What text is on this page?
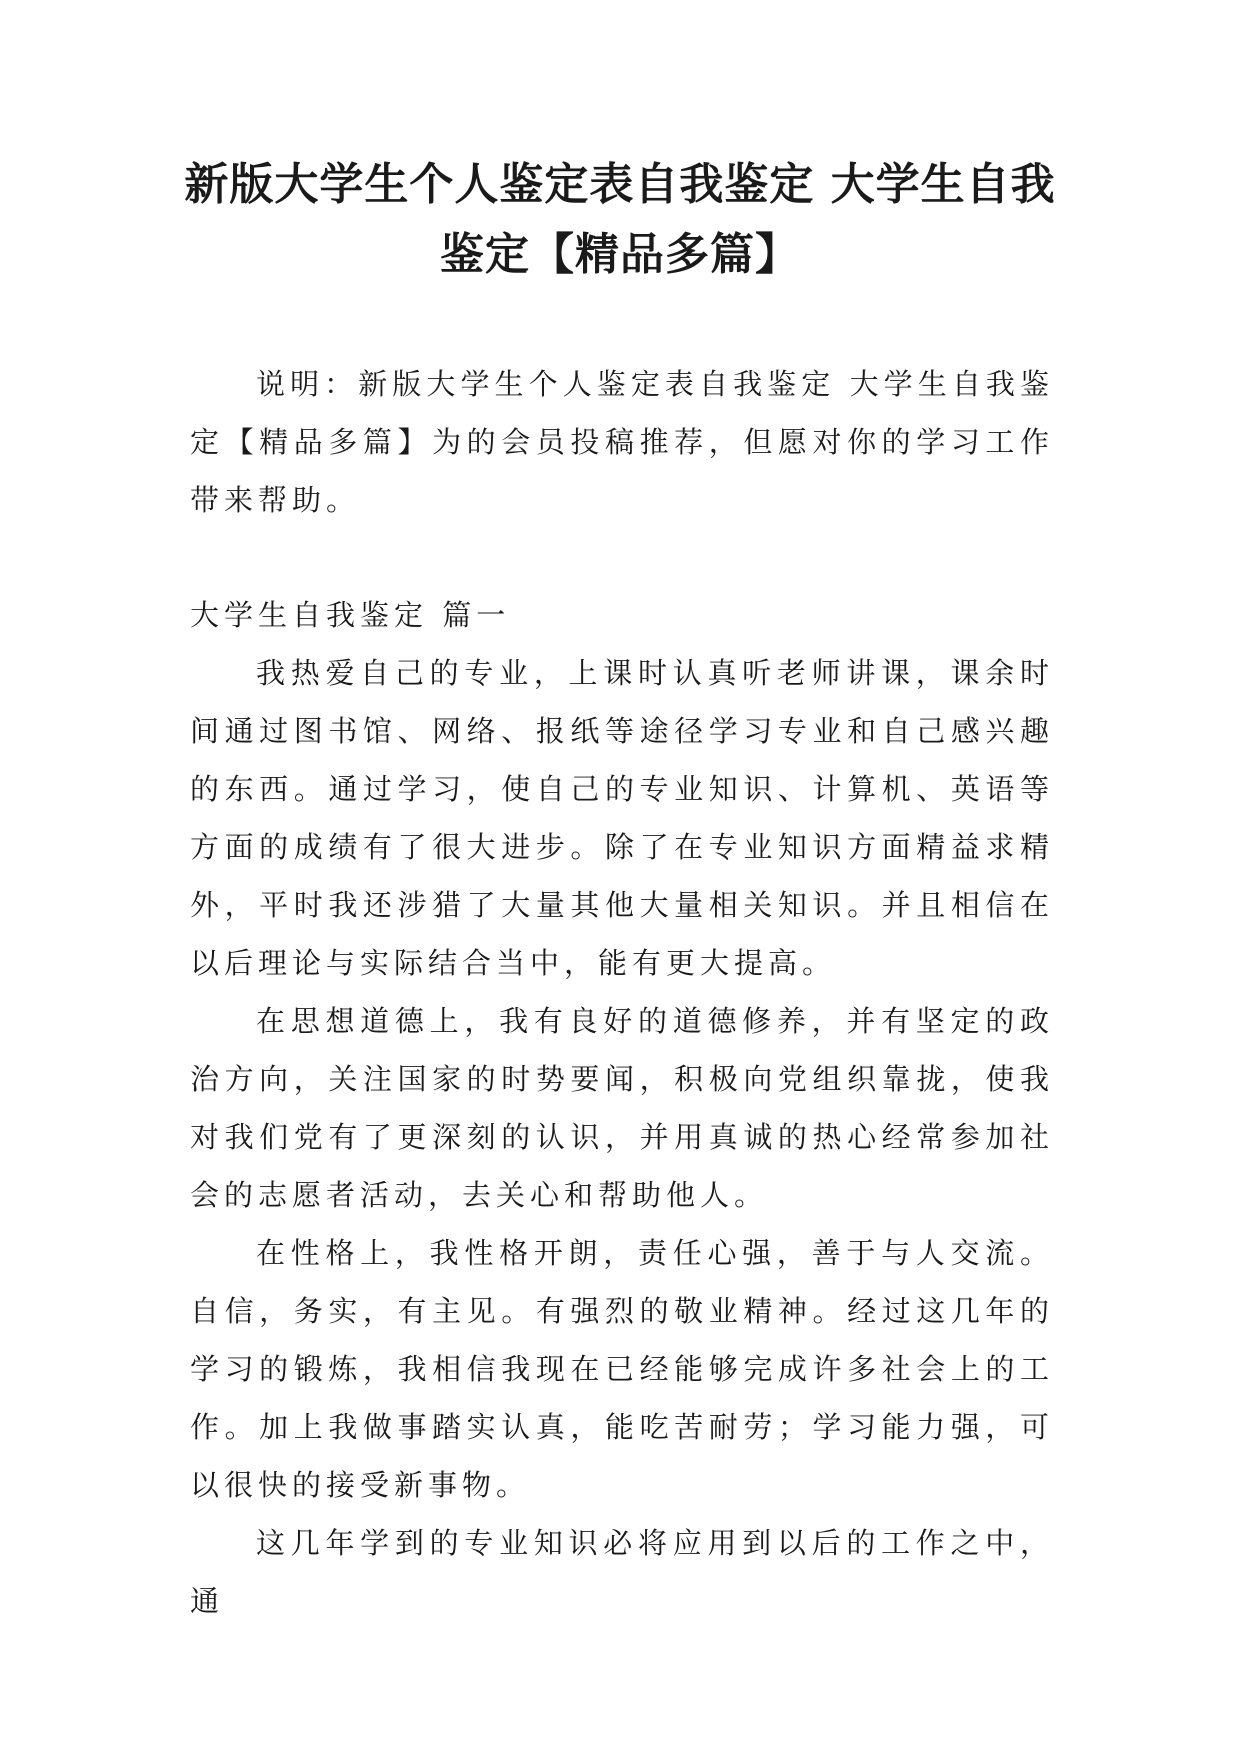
新版大学生个人鉴定表自我鉴定 大学生自我鉴定【精品多篇】

说明：新版大学生个人鉴定表自我鉴定 大学生自我鉴定【精品多篇】为的会员投稿推荐，但愿对你的学习工作带来帮助。

大学生自我鉴定 篇一

我热爱自己的专业，上课时认真听老师讲课，课余时间通过图书馆、网络、报纸等途径学习专业和自己感兴趣的东西。通过学习，使自己的专业知识、计算机、英语等方面的成绩有了很大进步。除了在专业知识方面精益求精外，平时我还涉猎了大量其他大量相关知识。并且相信在以后理论与实际结合当中，能有更大提高。

在思想道德上，我有良好的道德修养，并有坚定的政治方向，关注国家的时势要闻，积极向党组织靠拢，使我对我们党有了更深刻的认识，并用真诚的热心经常参加社会的志愿者活动，去关心和帮助他人。

在性格上，我性格开朗，责任心强，善于与人交流。自信，务实，有主见。有强烈的敬业精神。经过这几年的学习的锻炼，我相信我现在已经能够完成许多社会上的工作。加上我做事踏实认真，能吃苦耐劳；学习能力强，可以很快的接受新事物。

这几年学到的专业知识必将应用到以后的工作之中，通
